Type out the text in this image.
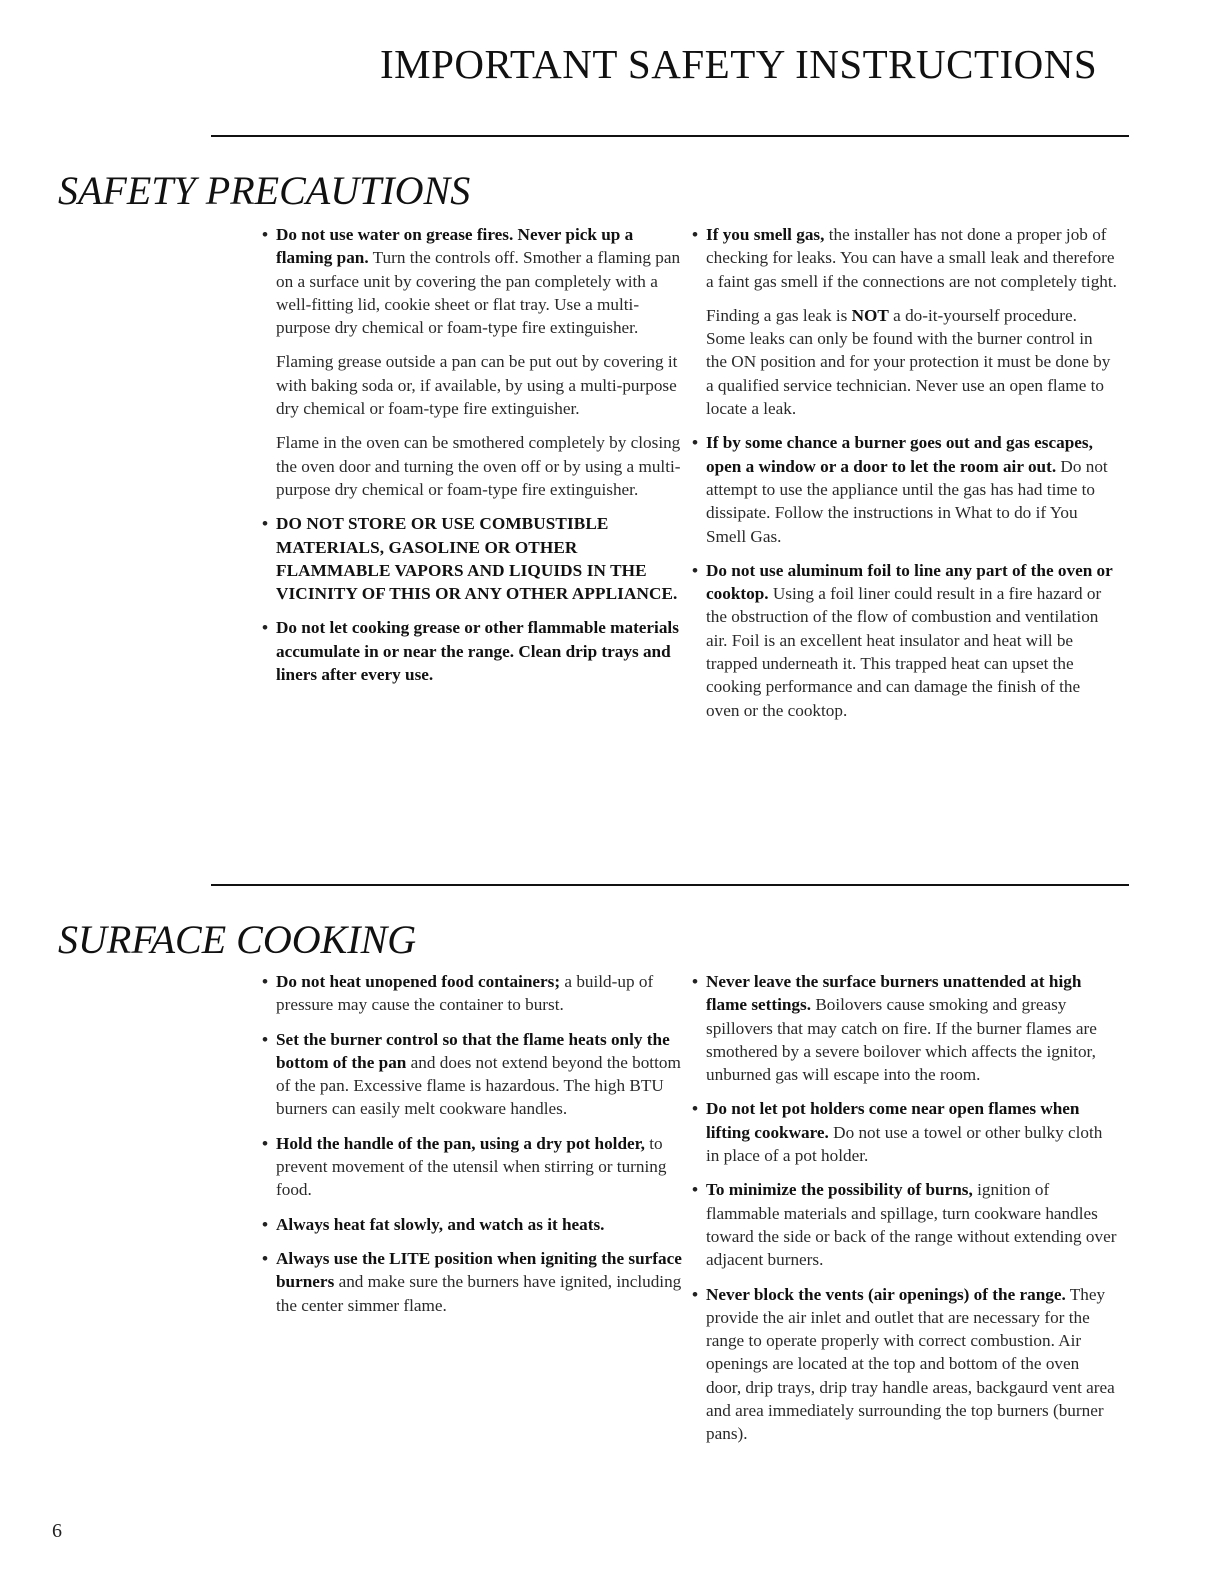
IMPORTANT SAFETY INSTRUCTIONS
SAFETY PRECAUTIONS

• Do not use water on grease fires. Never pick up a flaming pan. Turn the controls off. Smother a flaming pan on a surface unit by covering the pan completely with a well-fitting lid, cookie sheet or flat tray. Use a multi-purpose dry chemical or foam-type fire extinguisher.

Flaming grease outside a pan can be put out by covering it with baking soda or, if available, by using a multi-purpose dry chemical or foam-type fire extinguisher.

Flame in the oven can be smothered completely by closing the oven door and turning the oven off or by using a multi-purpose dry chemical or foam-type fire extinguisher.

• DO NOT STORE OR USE COMBUSTIBLE MATERIALS, GASOLINE OR OTHER FLAMMABLE VAPORS AND LIQUIDS IN THE VICINITY OF THIS OR ANY OTHER APPLIANCE.

• Do not let cooking grease or other flammable materials accumulate in or near the range. Clean drip trays and liners after every use.

• If you smell gas, the installer has not done a proper job of checking for leaks. You can have a small leak and therefore a faint gas smell if the connections are not completely tight.

Finding a gas leak is NOT a do-it-yourself procedure. Some leaks can only be found with the burner control in the ON position and for your protection it must be done by a qualified service technician. Never use an open flame to locate a leak.

• If by some chance a burner goes out and gas escapes, open a window or a door to let the room air out. Do not attempt to use the appliance until the gas has had time to dissipate. Follow the instructions in What to do if You Smell Gas.

• Do not use aluminum foil to line any part of the oven or cooktop. Using a foil liner could result in a fire hazard or the obstruction of the flow of combustion and ventilation air. Foil is an excellent heat insulator and heat will be trapped underneath it. This trapped heat can upset the cooking performance and can damage the finish of the oven or the cooktop.

SURFACE COOKING

• Do not heat unopened food containers; a build-up of pressure may cause the container to burst.

• Set the burner control so that the flame heats only the bottom of the pan and does not extend beyond the bottom of the pan. Excessive flame is hazardous. The high BTU burners can easily melt cookware handles.

• Hold the handle of the pan, using a dry pot holder, to prevent movement of the utensil when stirring or turning food.

• Always heat fat slowly, and watch as it heats.

• Always use the LITE position when igniting the surface burners and make sure the burners have ignited, including the center simmer flame.

• Never leave the surface burners unattended at high flame settings. Boilovers cause smoking and greasy spillovers that may catch on fire. If the burner flames are smothered by a severe boilover which affects the ignitor, unburned gas will escape into the room.

• Do not let pot holders come near open flames when lifting cookware. Do not use a towel or other bulky cloth in place of a pot holder.

• To minimize the possibility of burns, ignition of flammable materials and spillage, turn cookware handles toward the side or back of the range without extending over adjacent burners.

• Never block the vents (air openings) of the range. They provide the air inlet and outlet that are necessary for the range to operate properly with correct combustion. Air openings are located at the top and bottom of the oven door, drip trays, drip tray handle areas, backgaurd vent area and area immediately surrounding the top burners (burner pans).

6
